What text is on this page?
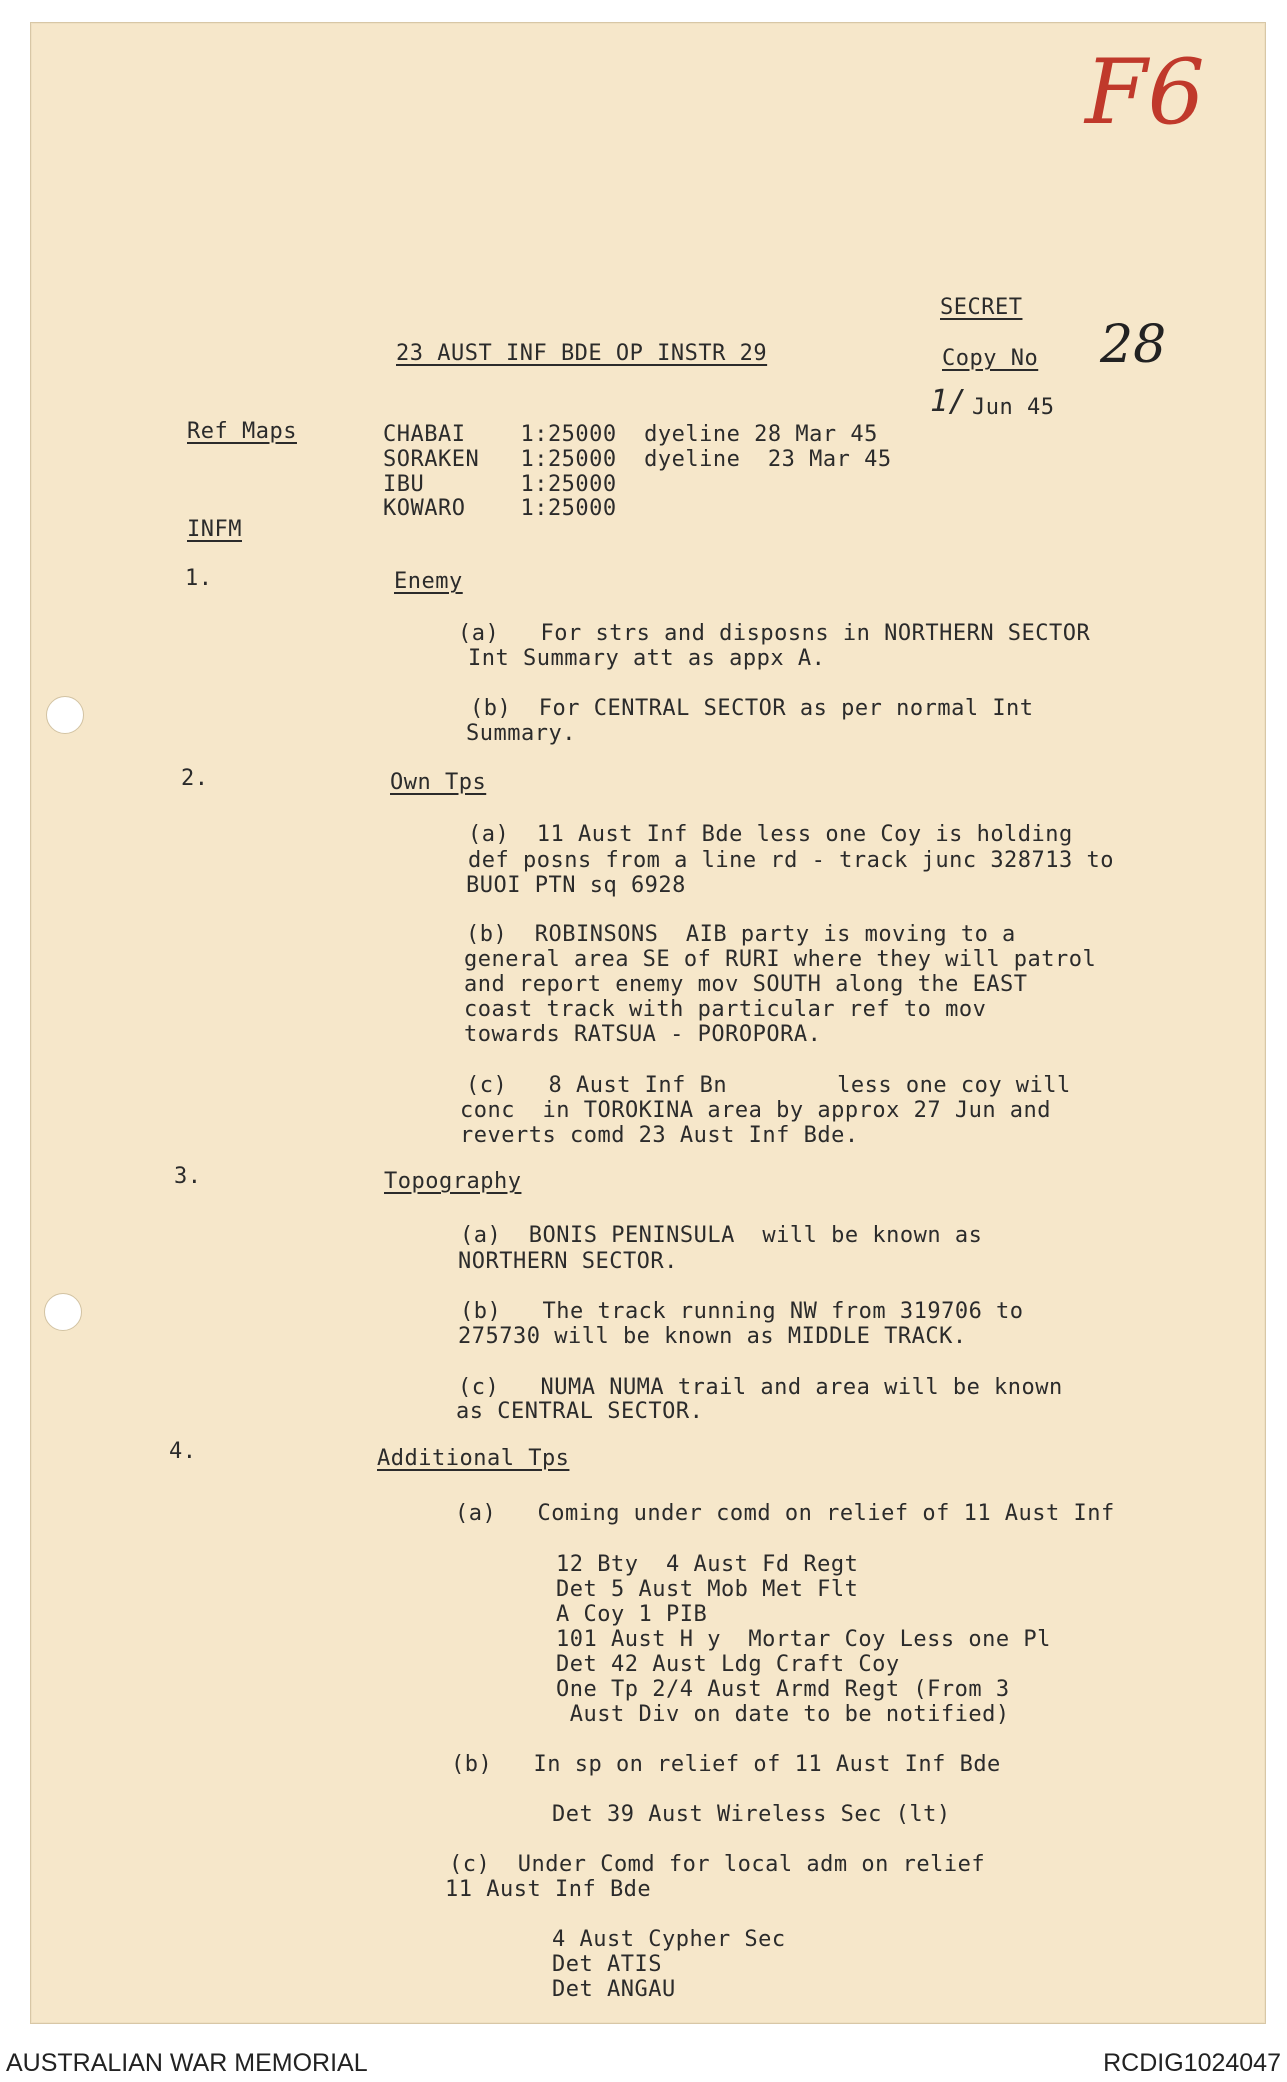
F6
28
SECRET
23 AUST INF BDE OP INSTR 29	Copy No
1/ Jun 45
Ref Maps	CHABAI    1:25000  dyeline 28 Mar 45
SORAKEN   1:25000  dyeline  23 Mar 45
IBU       1:25000
KOWARO    1:25000
INFM
1.	Enemy
(a)   For strs and disposns in NORTHERN SECTOR
Int Summary att as appx A.
(b)  For CENTRAL SECTOR as per normal Int
Summary.
2.	Own Tps
(a)  11 Aust Inf Bde less one Coy is holding
def posns from a line rd - track junc 328713 to
BUOI PTN sq 6928
(b)  ROBINSONS  AIB party is moving to a
general area SE of RURI where they will patrol
and report enemy mov SOUTH along the EAST
coast track with particular ref to mov
towards RATSUA - POROPORA.
(c)   8 Aust Inf Bn        less one coy will
conc  in TOROKINA area by approx 27 Jun and
reverts comd 23 Aust Inf Bde.
3.	Topography
(a)  BONIS PENINSULA  will be known as
NORTHERN SECTOR.
(b)   The track running NW from 319706 to
275730 will be known as MIDDLE TRACK.
(c)   NUMA NUMA trail and area will be known
as CENTRAL SECTOR.
4.	Additional Tps
(a)   Coming under comd on relief of 11 Aust Inf
12 Bty  4 Aust Fd Regt
Det 5 Aust Mob Met Flt
A Coy 1 PIB
101 Aust H y  Mortar Coy Less one Pl
Det 42 Aust Ldg Craft Coy
One Tp 2/4 Aust Armd Regt (From 3
Aust Div on date to be notified)
(b)   In sp on relief of 11 Aust Inf Bde
Det 39 Aust Wireless Sec (lt)
(c)  Under Comd for local adm on relief
11 Aust Inf Bde
4 Aust Cypher Sec
Det ATIS
Det ANGAU
AUSTRALIAN WAR MEMORIAL	RCDIG1024047
